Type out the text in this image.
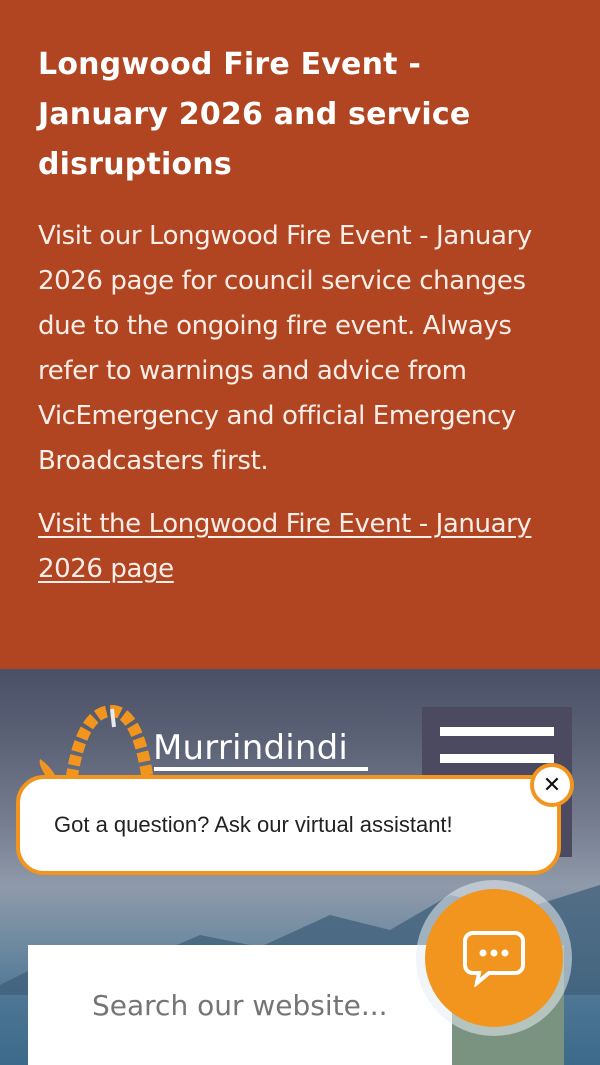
Longwood Fire Event - January 2026 and service disruptions

Visit our Longwood Fire Event - January 2026 page for council service changes due to the ongoing fire event. Always refer to warnings and advice from VicEmergency and official Emergency Broadcasters first.

Visit the Longwood Fire Event - January 2026 page
Murrindindi
Got a question? Ask our virtual assistant!
✕
Search our website...
